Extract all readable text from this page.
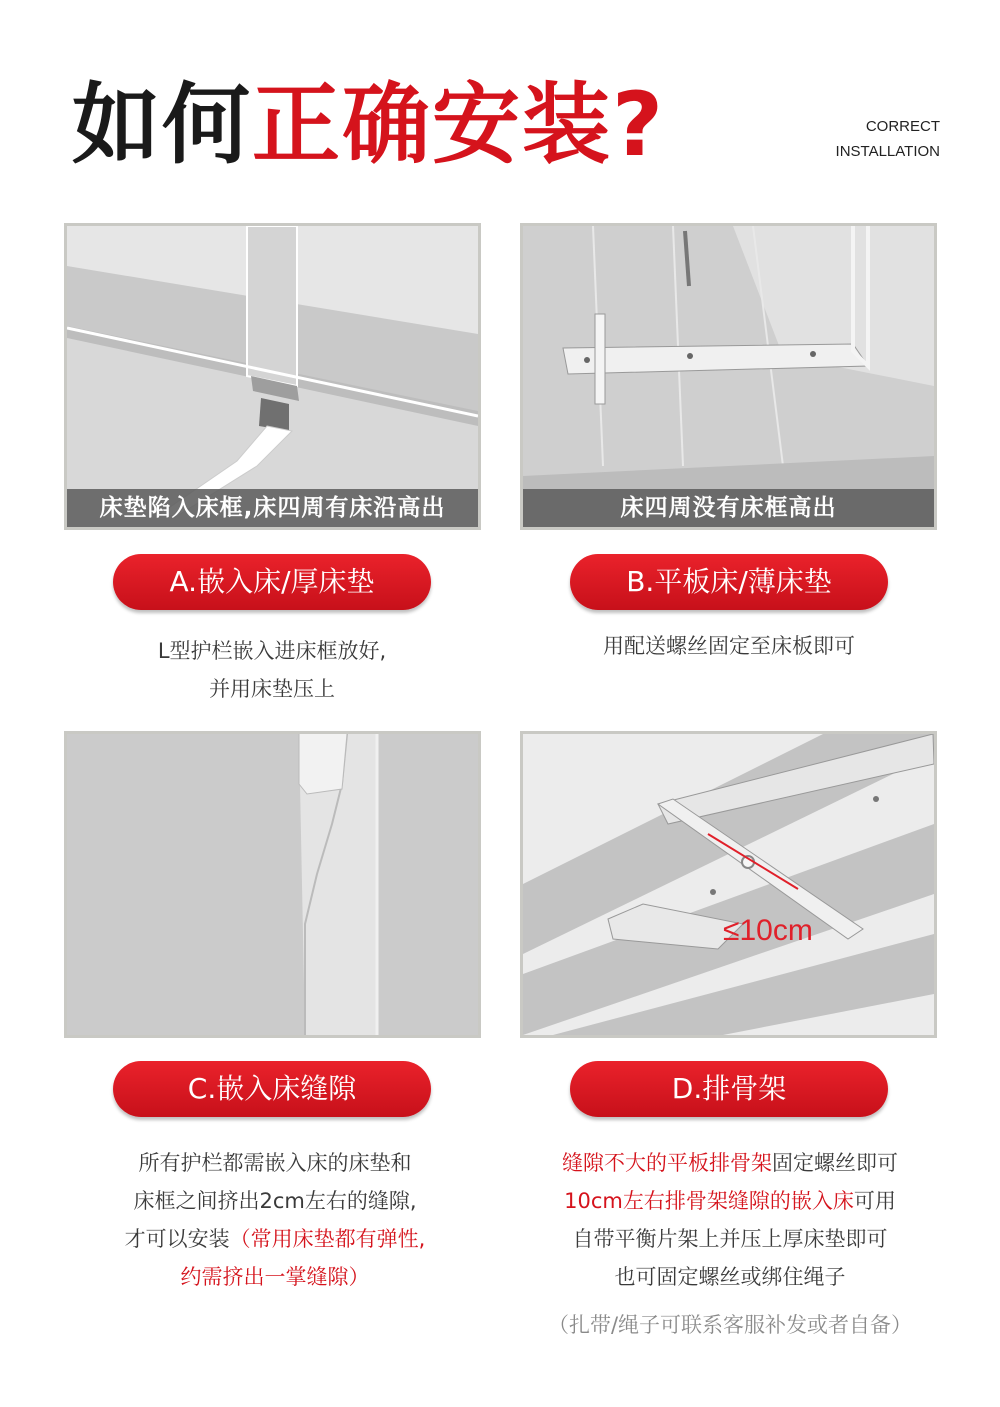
如何正确安装?	CORRECT
INSTALLATION
床垫陷入床框,床四周有床沿高出	床四周没有床框高出
A.嵌入床/厚床垫	B.平板床/薄床垫
L型护栏嵌入进床框放好,
并用床垫压上
用配送螺丝固定至床板即可
≤10cm
C.嵌入床缝隙	D.排骨架
所有护栏都需嵌入床的床垫和
床框之间挤出2cm左右的缝隙,
才可以安装（常用床垫都有弹性,
约需挤出一掌缝隙）
缝隙不大的平板排骨架固定螺丝即可
10cm左右排骨架缝隙的嵌入床可用
自带平衡片架上并压上厚床垫即可
也可固定螺丝或绑住绳子
（扎带/绳子可联系客服补发或者自备）
